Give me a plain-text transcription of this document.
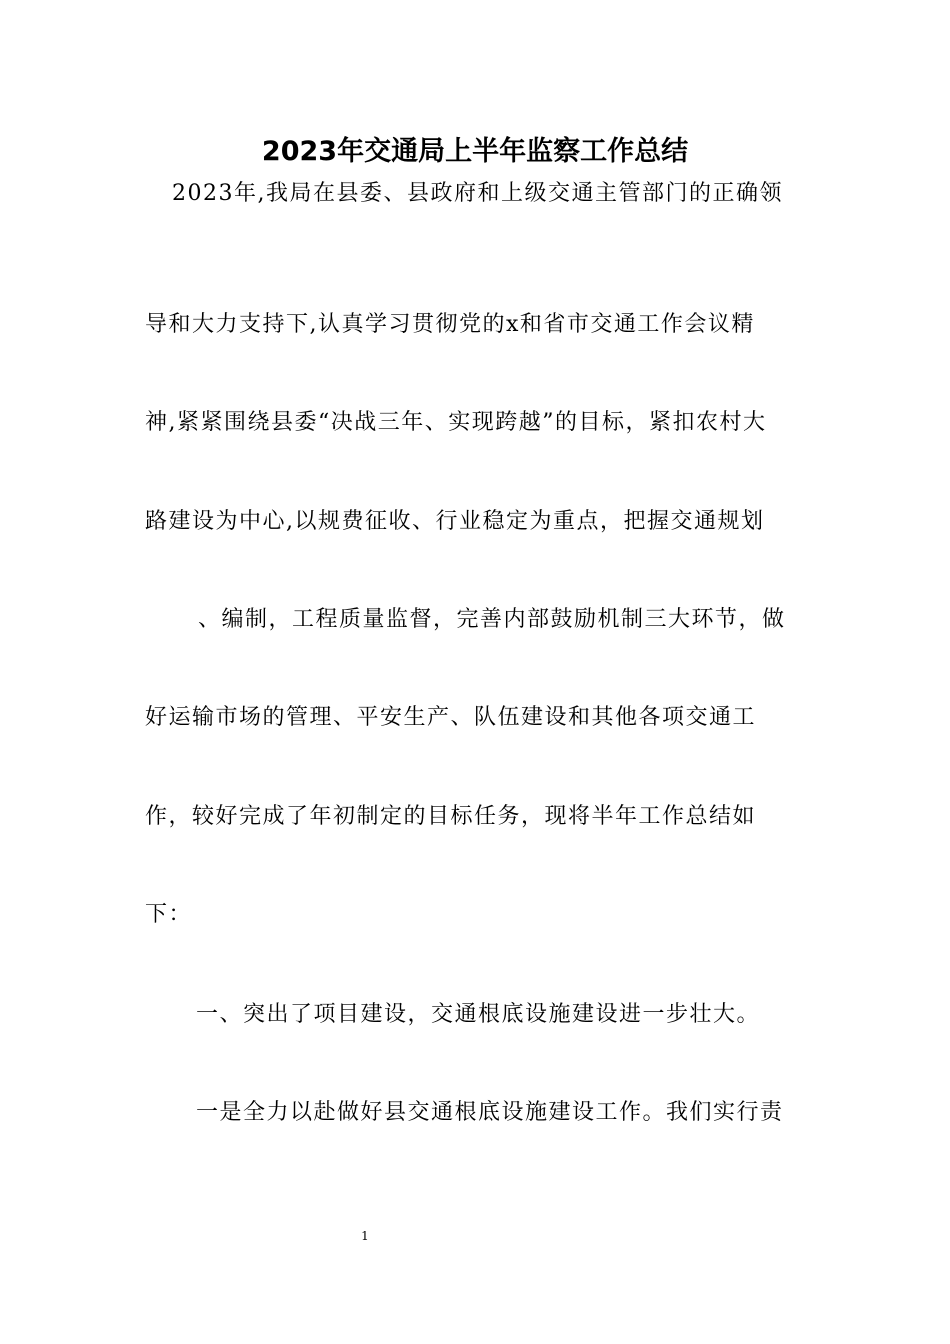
2023年交通局上半年监察工作总结

2023年,我局在县委、县政府和上级交通主管部门的正确领

导和大力支持下,认真学习贯彻党的x和省市交通工作会议精

神,紧紧围绕县委“决战三年、实现跨越”的目标，紧扣农村大

路建设为中心,以规费征收、行业稳定为重点，把握交通规划

、编制，工程质量监督，完善内部鼓励机制三大环节，做

好运输市场的管理、平安生产、队伍建设和其他各项交通工

作，较好完成了年初制定的目标任务，现将半年工作总结如

下：

一、突出了项目建设，交通根底设施建设进一步壮大。

一是全力以赴做好县交通根底设施建设工作。我们实行责

1
